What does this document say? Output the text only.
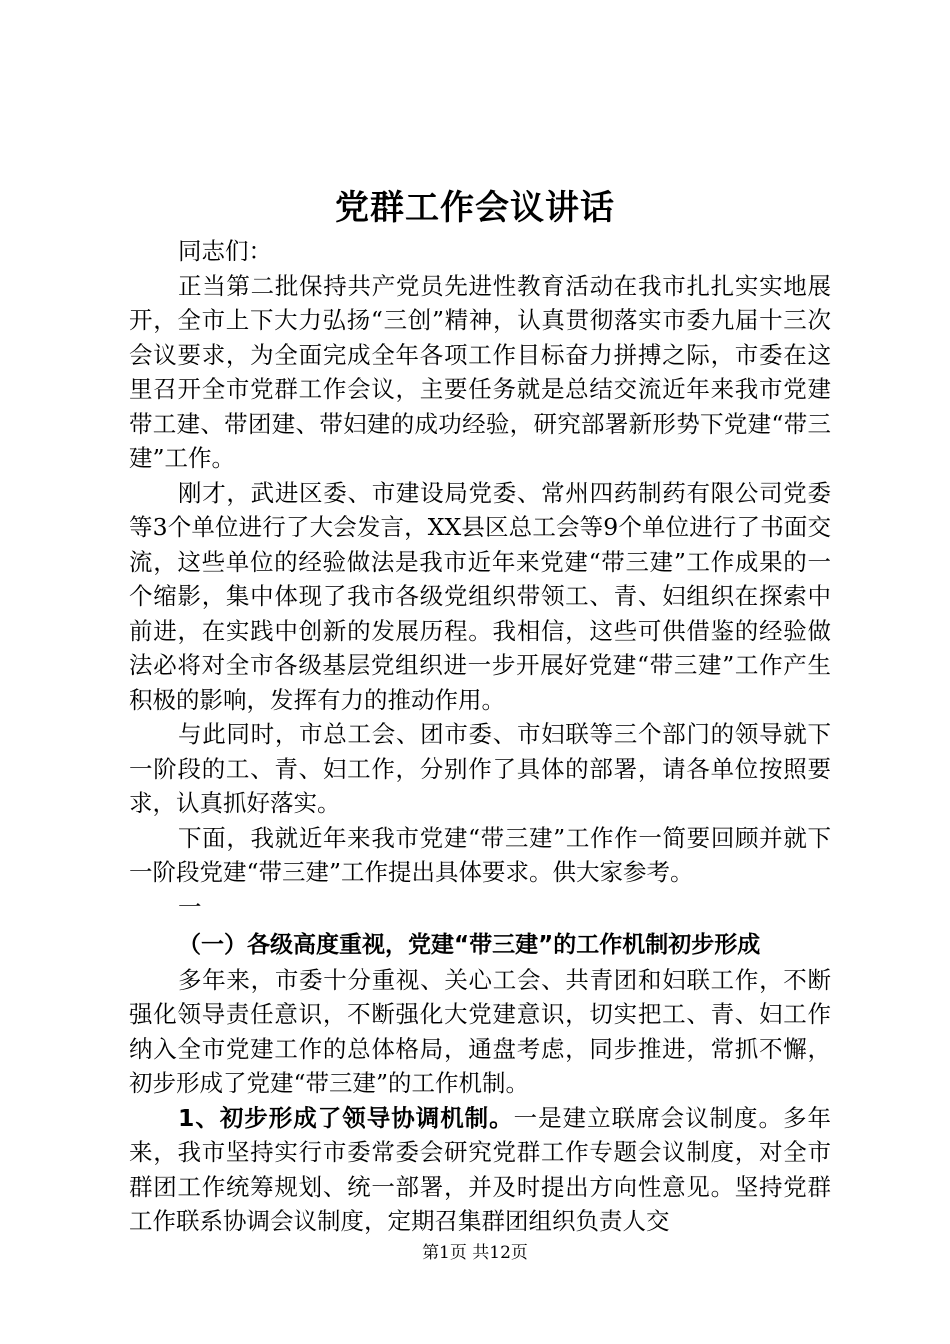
党群工作会议讲话

同志们：

正当第二批保持共产党员先进性教育活动在我市扎扎实实地展开，全市上下大力弘扬“三创”精神，认真贯彻落实市委九届十三次会议要求，为全面完成全年各项工作目标奋力拼搏之际，市委在这里召开全市党群工作会议，主要任务就是总结交流近年来我市党建带工建、带团建、带妇建的成功经验，研究部署新形势下党建“带三建”工作。

刚才，武进区委、市建设局党委、常州四药制药有限公司党委等3个单位进行了大会发言，XX县区总工会等9个单位进行了书面交流，这些单位的经验做法是我市近年来党建“带三建”工作成果的一个缩影，集中体现了我市各级党组织带领工、青、妇组织在探索中前进，在实践中创新的发展历程。我相信，这些可供借鉴的经验做法必将对全市各级基层党组织进一步开展好党建“带三建”工作产生积极的影响，发挥有力的推动作用。

与此同时，市总工会、团市委、市妇联等三个部门的领导就下一阶段的工、青、妇工作，分别作了具体的部署，请各单位按照要求，认真抓好落实。

下面，我就近年来我市党建“带三建”工作作一简要回顾并就下一阶段党建“带三建”工作提出具体要求。供大家参考。

一

（一）各级高度重视，党建“带三建”的工作机制初步形成

多年来，市委十分重视、关心工会、共青团和妇联工作，不断强化领导责任意识，不断强化大党建意识，切实把工、青、妇工作纳入全市党建工作的总体格局，通盘考虑，同步推进，常抓不懈，初步形成了党建“带三建”的工作机制。

1、初步形成了领导协调机制。一是建立联席会议制度。多年来，我市坚持实行市委常委会研究党群工作专题会议制度，对全市群团工作统筹规划、统一部署，并及时提出方向性意见。坚持党群工作联系协调会议制度，定期召集群团组织负责人交

第1页 共12页
